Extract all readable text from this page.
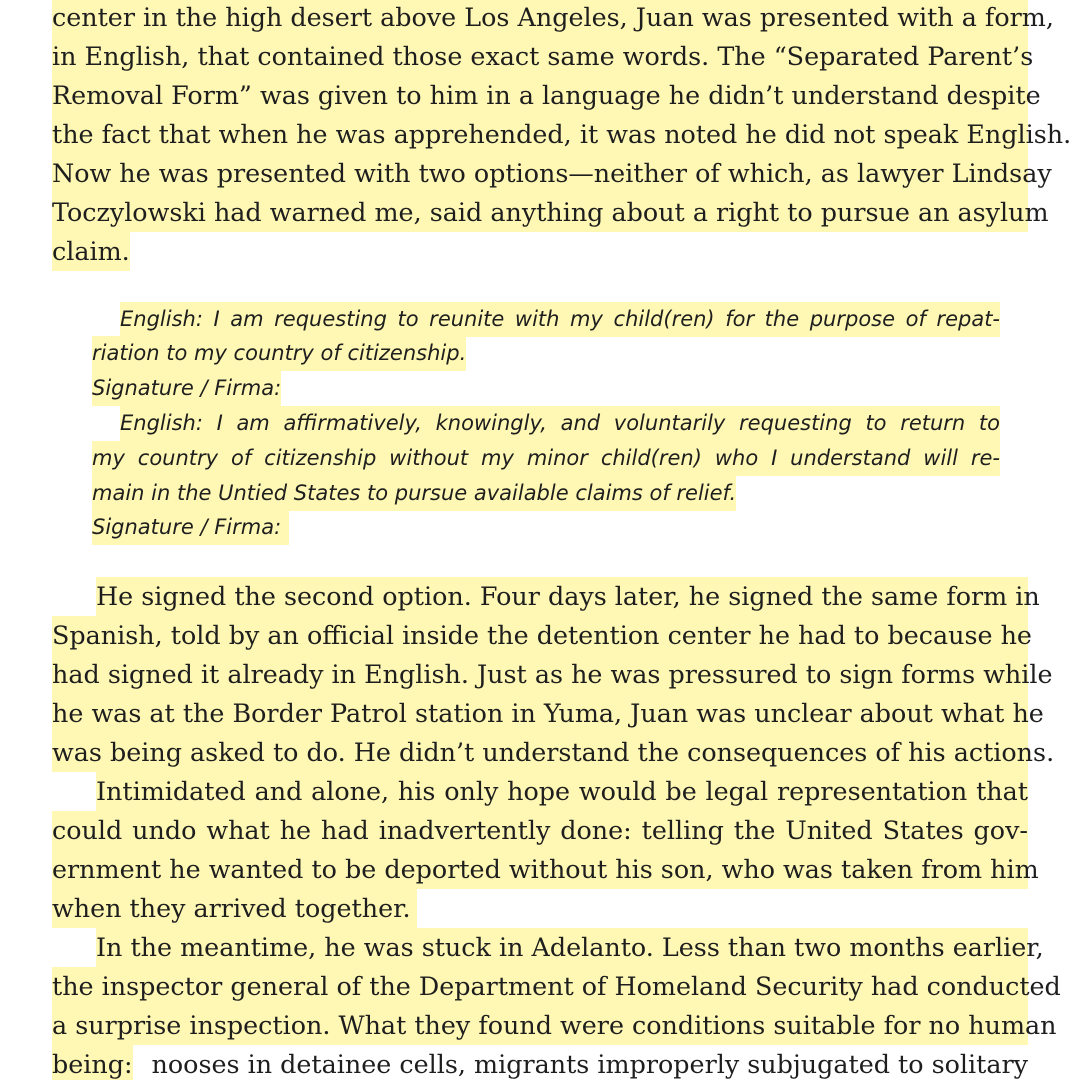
center in the high desert above Los Angeles, Juan was presented with a form,
in English, that contained those exact same words. The “Separated Parent’s
Removal Form” was given to him in a language he didn’t understand despite
the fact that when he was apprehended, it was noted he did not speak English.
Now he was presented with two options—neither of which, as lawyer Lindsay
Toczylowski had warned me, said anything about a right to pursue an asylum
claim.
English: I am requesting to reunite with my child(ren) for the purpose of repat-
riation to my country of citizenship.
Signature / Firma:
English: I am affirmatively, knowingly, and voluntarily requesting to return to
my country of citizenship without my minor child(ren) who I understand will re-
main in the Untied States to pursue available claims of relief.
Signature / Firma:
He signed the second option. Four days later, he signed the same form in
Spanish, told by an official inside the detention center he had to because he
had signed it already in English. Just as he was pressured to sign forms while
he was at the Border Patrol station in Yuma, Juan was unclear about what he
was being asked to do. He didn’t understand the consequences of his actions.
Intimidated and alone, his only hope would be legal representation that
could undo what he had inadvertently done: telling the United States gov-
ernment he wanted to be deported without his son, who was taken from him
when they arrived together.
In the meantime, he was stuck in Adelanto. Less than two months earlier,
the inspector general of the Department of Homeland Security had conducted
a surprise inspection. What they found were conditions suitable for no human
being: nooses in detainee cells, migrants improperly subjugated to solitary
